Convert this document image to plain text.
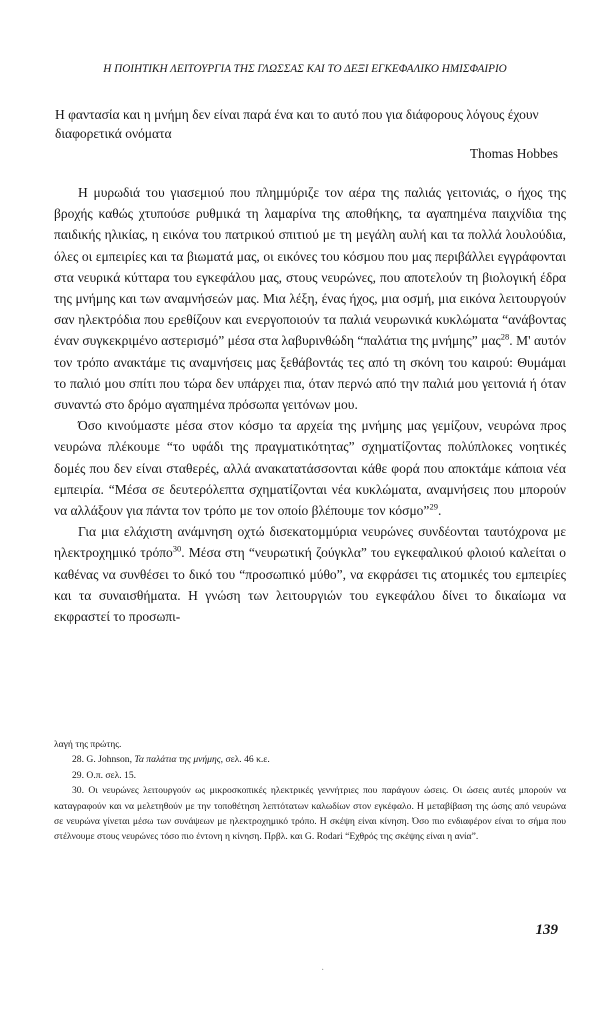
Η ΠΟΙΗΤΙΚΗ ΛΕΙΤΟΥΡΓΙΑ ΤΗΣ ΓΛΩΣΣΑΣ ΚΑΙ ΤΟ ΔΕΞΙ ΕΓΚΕΦΑΛΙΚΟ ΗΜΙΣΦΑΙΡΙΟ
Η φαντασία και η μνήμη δεν είναι παρά ένα και το αυτό που για διάφορους λόγους έχουν διαφορετικά ονόματα
Thomas Hobbes

Η μυρωδιά του γιασεμιού που πλημμύριζε τον αέρα της παλιάς γειτονιάς, ο ήχος της βροχής καθώς χτυπούσε ρυθμικά τη λαμαρίνα της αποθήκης, τα αγαπημένα παιχνίδια της παιδικής ηλικίας, η εικόνα του πατρικού σπιτιού με τη μεγάλη αυλή και τα πολλά λουλούδια, όλες οι εμπειρίες και τα βιωματά μας, οι εικόνες του κόσμου που μας περιβάλλει εγγράφονται στα νευρικά κύτταρα του εγκεφάλου μας, στους νευρώνες, που αποτελούν τη βιολογική έδρα της μνήμης και των αναμνήσεών μας. Μια λέξη, ένας ήχος, μια οσμή, μια εικόνα λειτουργούν σαν ηλεκτρόδια που ερεθίζουν και ενεργοποιούν τα παλιά νευρωνικά κυκλώματα “ανάβοντας έναν συγκεκριμένο αστερισμό” μέσα στα λαβυρινθώδη “παλάτια της μνήμης” μας$^{28}$. Μ' αυτόν τον τρόπο ανακτάμε τις αναμνήσεις μας ξεθάβοντάς τες από τη σκόνη του καιρού: Θυμάμαι το παλιό μου σπίτι που τώρα δεν υπάρχει πια, όταν περνώ από την παλιά μου γειτονιά ή όταν συναντώ στο δρόμο αγαπημένα πρόσωπα γειτόνων μου.

Όσο κινούμαστε μέσα στον κόσμο τα αρχεία της μνήμης μας γεμίζουν, νευρώνα προς νευρώνα πλέκουμε “το υφάδι της πραγματικότητας” σχηματίζοντας πολύπλοκες νοητικές δομές που δεν είναι σταθερές, αλλά ανακατατάσσονται κάθε φορά που αποκτάμε κάποια νέα εμπειρία. “Μέσα σε δευτερόλεπτα σχηματίζονται νέα κυκλώματα, αναμνήσεις που μπορούν να αλλάξουν για πάντα τον τρόπο με τον οποίο βλέπουμε τον κόσμο”$^{29}$.

Για μια ελάχιστη ανάμνηση οχτώ δισεκατομμύρια νευρώνες συνδέονται ταυτόχρονα με ηλεκτροχημικό τρόπο$^{30}$. Μέσα στη “νευρωτική ζούγκλα” του εγκεφαλικού φλοιού καλείται ο καθένας να συνθέσει το δικό του “προσωπικό μύθο”, να εκφράσει τις ατομικές του εμπειρίες και τα συναισθήματα. Η γνώση των λειτουργιών του εγκεφάλου δίνει το δικαίωμα να εκφραστεί το προσωπι-

λαγή της πρώτης.

28. G. Johnson, Τα παλάτια της μνήμης, σελ. 46 κ.ε.

29. Ο.π. σελ. 15.

30. Οι νευρώνες λειτουργούν ως μικροσκοπικές ηλεκτρικές γεννήτριες που παράγουν ώσεις. Οι ώσεις αυτές μπορούν να καταγραφούν και να μελετηθούν με την τοποθέτηση λεπτότατων καλωδίων στον εγκέφαλο. Η μεταβίβαση της ώσης από νευρώνα σε νευρώνα γίνεται μέσω των συνάψεων με ηλεκτροχημικό τρόπο. Η σκέψη είναι κίνηση. Όσο πιο ενδιαφέρον είναι το σήμα που στέλνουμε στους νευρώνες τόσο πιο έντονη η κίνηση. Πρβλ. και G. Rodari “Εχθρός της σκέψης είναι η ανία”.

139
·
